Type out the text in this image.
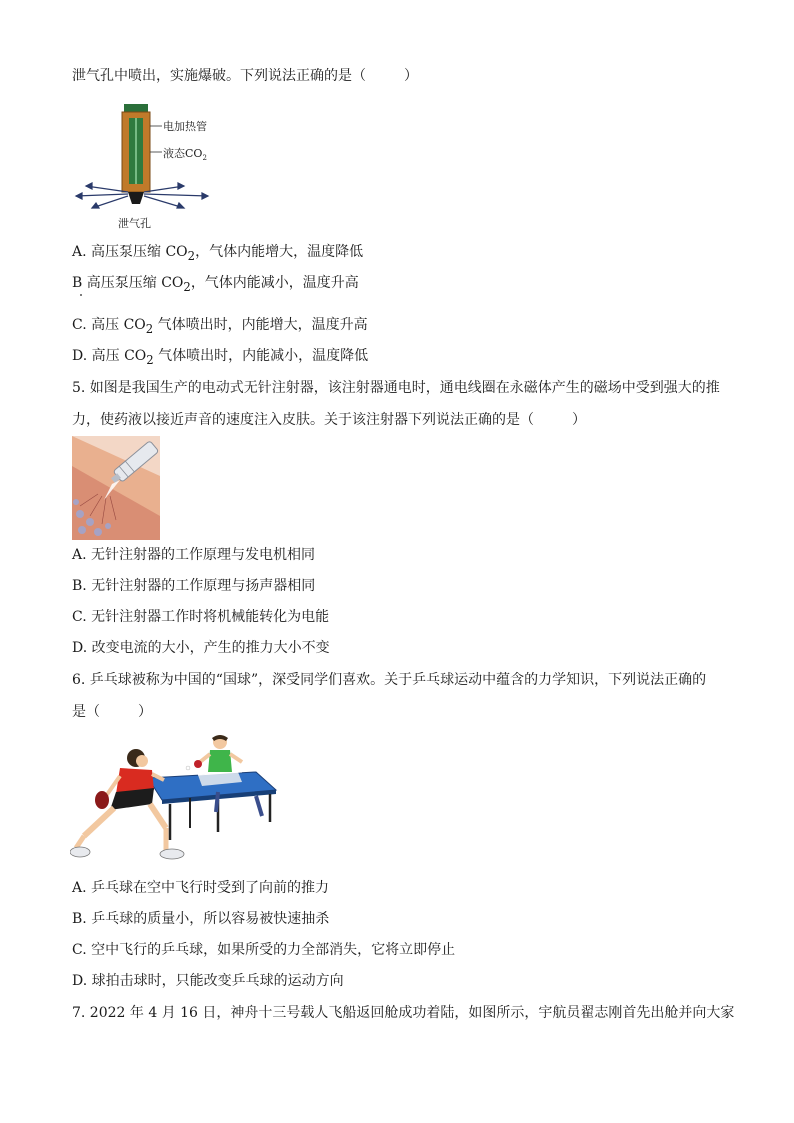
泄气孔中喷出，实施爆破。下列说法正确的是（	）
电加热管
液态$CO_2$
泄气孔
A. 高压泵压缩 $CO_2$，气体内能增大，温度降低
B 高压泵压缩 $CO_2$，气体内能减小，温度升高
C. 高压 $CO_2$ 气体喷出时，内能增大，温度升高
D. 高压 $CO_2$ 气体喷出时，内能减小，温度降低
5. 如图是我国生产的电动式无针注射器，该注射器通电时，通电线圈在永磁体产生的磁场中受到强大的推
力，使药液以接近声音的速度注入皮肤。关于该注射器下列说法正确的是（	）
A. 无针注射器的工作原理与发电机相同
B. 无针注射器的工作原理与扬声器相同
C. 无针注射器工作时将机械能转化为电能
D. 改变电流的大小，产生的推力大小不变
6. 乒乓球被称为中国的“国球”，深受同学们喜欢。关于乒乓球运动中蕴含的力学知识，下列说法正确的
是（	）
A. 乒乓球在空中飞行时受到了向前的推力
B. 乒乓球的质量小，所以容易被快速抽杀
C. 空中飞行的乒乓球，如果所受的力全部消失，它将立即停止
D. 球拍击球时，只能改变乒乓球的运动方向
7. 2022 年 4 月 16 日，神舟十三号载人飞船返回舱成功着陆，如图所示，宇航员翟志刚首先出舱并向大家
